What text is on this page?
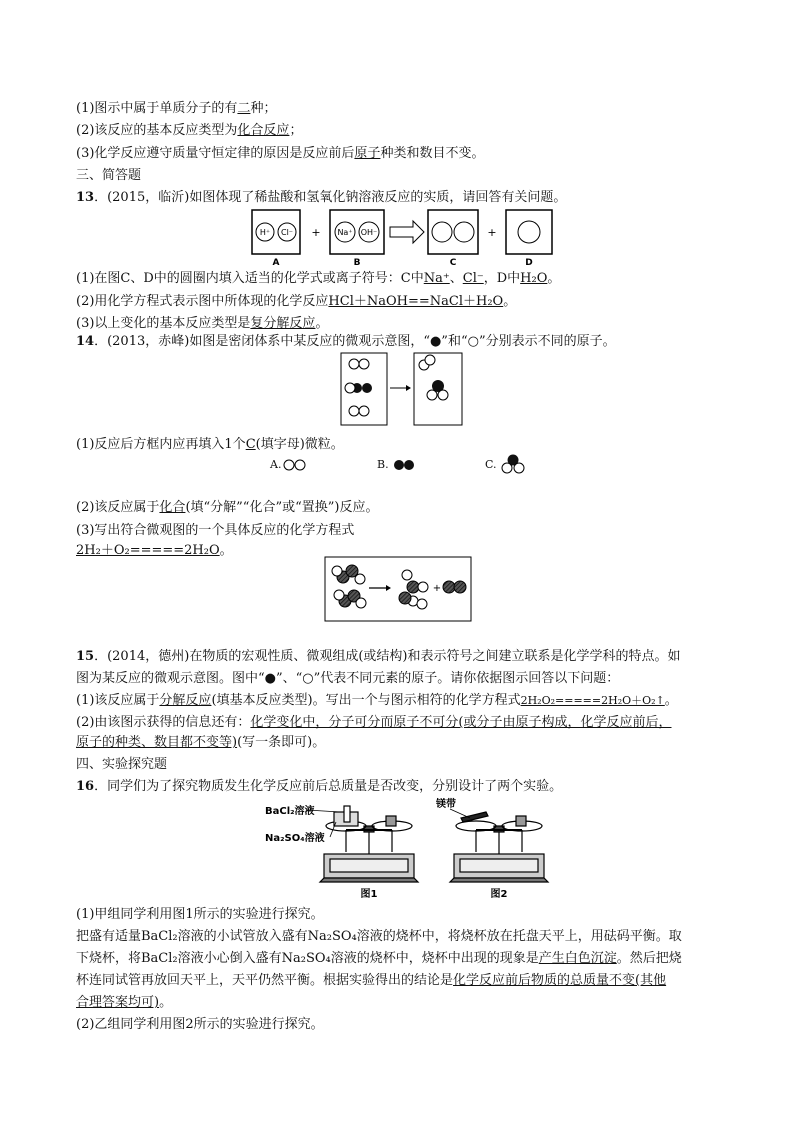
(1)图示中属于单质分子的有二种；
(2)该反应的基本反应类型为化合反应；
(3)化学反应遵守质量守恒定律的原因是反应前后原子种类和数目不变。
三、简答题
13．(2015，临沂)如图体现了稀盐酸和氢氧化钠溶液反应的实质，请回答有关问题。
H⁺ Cl⁻ + Na⁺ OH⁻	+
A	B	C	D
(1)在图C、D中的圆圈内填入适当的化学式或离子符号：C中Na⁺、Cl⁻，D中H₂O。
(2)用化学方程式表示图中所体现的化学反应HCl＋NaOH==NaCl＋H₂O。
(3)以上变化的基本反应类型是复分解反应。
14．(2013，赤峰)如图是密闭体系中某反应的微观示意图，“●”和“○”分别表示不同的原子。
(1)反应后方框内应再填入1个C(填字母)微粒。
A.	B.	C.
(2)该反应属于化合(填“分解”“化合”或“置换”)反应。
(3)写出符合微观图的一个具体反应的化学方程式
2H₂＋O₂=====2H₂O。
+
15．(2014，德州)在物质的宏观性质、微观组成(或结构)和表示符号之间建立联系是化学学科的特点。如
图为某反应的微观示意图。图中“●”、“○”代表不同元素的原子。请你依据图示回答以下问题：
(1)该反应属于分解反应(填基本反应类型)。写出一个与图示相符的化学方程式2H₂O₂=====2H₂O＋O₂↑。
(2)由该图示获得的信息还有：化学变化中，分子可分而原子不可分(或分子由原子构成，化学反应前后，
原子的种类、数目都不变等)(写一条即可)。
四、实验探究题
16．同学们为了探究物质发生化学反应前后总质量是否改变，分别设计了两个实验。
BaCl₂溶液
Na₂SO₄溶液
镁带
图1	图2
(1)甲组同学利用图1所示的实验进行探究。
把盛有适量BaCl₂溶液的小试管放入盛有Na₂SO₄溶液的烧杯中，将烧杯放在托盘天平上，用砝码平衡。取
下烧杯，将BaCl₂溶液小心倒入盛有Na₂SO₄溶液的烧杯中，烧杯中出现的现象是产生白色沉淀。然后把烧
杯连同试管再放回天平上，天平仍然平衡。根据实验得出的结论是化学反应前后物质的总质量不变(其他
合理答案均可)。
(2)乙组同学利用图2所示的实验进行探究。
